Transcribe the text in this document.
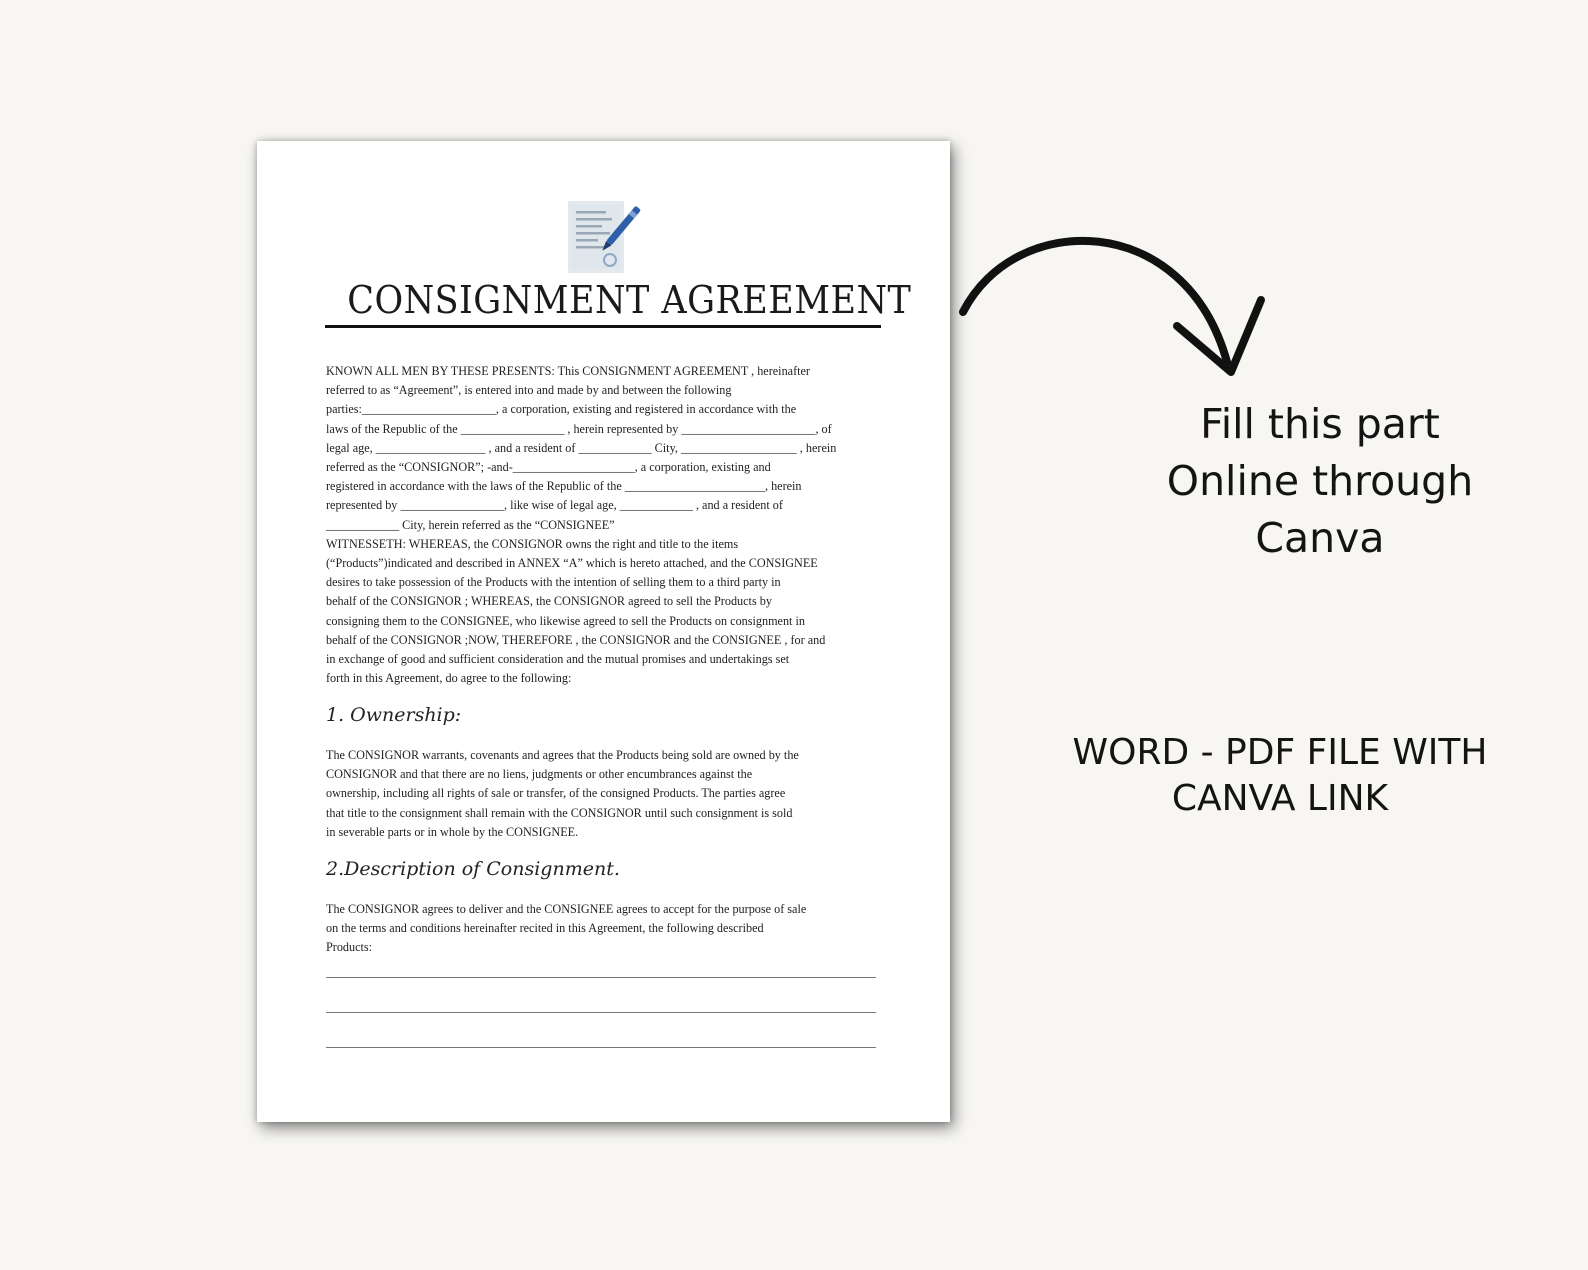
CONSIGNMENT AGREEMENT

KNOWN ALL MEN BY THESE PRESENTS: This CONSIGNMENT AGREEMENT , hereinafter

referred to as “Agreement”, is entered into and made by and between the following

parties:______________________, a corporation, existing and registered in accordance with the

laws of the Republic of the _________________ , herein represented by ______________________, of

legal age, __________________ , and a resident of ____________ City, ___________________ , herein

referred as the “CONSIGNOR”; -and-____________________, a corporation, existing and

registered in accordance with the laws of the Republic of the _______________________, herein

represented by _________________, like wise of legal age, ____________ , and a resident of

____________ City, herein referred as the “CONSIGNEE”

WITNESSETH: WHEREAS, the CONSIGNOR owns the right and title to the items

(“Products”)indicated and described in ANNEX “A” which is hereto attached, and the CONSIGNEE

desires to take possession of the Products with the intention of selling them to a third party in

behalf of the CONSIGNOR ; WHEREAS, the CONSIGNOR agreed to sell the Products by

consigning them to the CONSIGNEE, who likewise agreed to sell the Products on consignment in

behalf of the CONSIGNOR ;NOW, THEREFORE , the CONSIGNOR and the CONSIGNEE , for and

in exchange of good and sufficient consideration and the mutual promises and undertakings set

forth in this Agreement, do agree to the following:

1. Ownership:

The CONSIGNOR warrants, covenants and agrees that the Products being sold are owned by the

CONSIGNOR and that there are no liens, judgments or other encumbrances against the

ownership, including all rights of sale or transfer, of the consigned Products. The parties agree

that title to the consignment shall remain with the CONSIGNOR until such consignment is sold

in severable parts or in whole by the CONSIGNEE.

2.Description of Consignment.

The CONSIGNOR agrees to deliver and the CONSIGNEE agrees to accept for the purpose of sale

on the terms and conditions hereinafter recited in this Agreement, the following described

Products:

Fill this part
Online through
Canva
WORD - PDF FILE WITH
CANVA LINK
